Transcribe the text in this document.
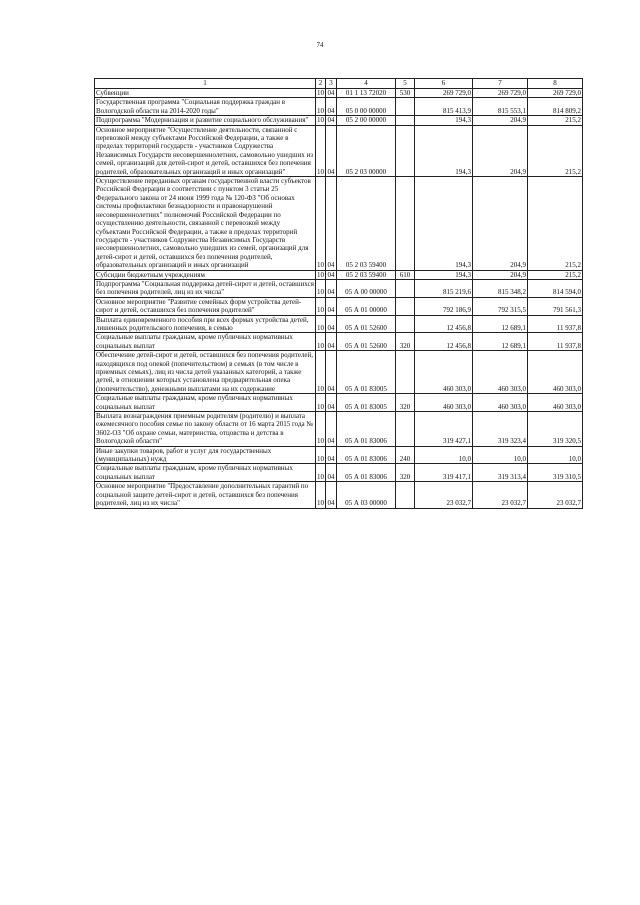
74
1	2	3	4	5	6	7	8
Субвенции	10	04	01 1 13 72020	530	269 729,0	269 729,0	269 729,0
Государственная программа "Социальная поддержка граждан в Вологодской области на 2014-2020 годы"	10	04	05 0 00 00000		815 413,9	815 553,1	814 809,2
Подпрограмма "Модернизация и развитие социального обслуживания"	10	04	05 2 00 00000		194,3	204,9	215,2
Основное мероприятие "Осуществление деятельности, связанной с перевозкой между субъектами Российской Федерации, а также в пределах территорий государств - участников Содружества Независимых Государств несовершеннолетних, самовольно ушедших из семей, организаций для детей-сирот и детей, оставшихся без попечения родителей, образовательных организаций и иных организаций"	10	04	05 2 03 00000		194,3	204,9	215,2
Осуществление переданных органам государственной власти субъектов Российской Федерации в соответствии с пунктом 3 статьи 25 Федерального закона от 24 июня 1999 года № 120-ФЗ "Об основах системы профилактики безнадзорности и правонарушений несовершеннолетних" полномочий Российской Федерации по осуществлению деятельности, связанной с перевозкой между субъектами Российской Федерации, а также в пределах территорий государств - участников Содружества Независимых Государств несовершеннолетних, самовольно ушедших из семей, организаций для детей-сирот и детей, оставшихся без попечения родителей, образовательных организаций и иных организаций	10	04	05 2 03 59400		194,3	204,9	215,2
Субсидии бюджетным учреждениям	10	04	05 2 03 59400	610	194,3	204,9	215,2
Подпрограмма "Социальная поддержка детей-сирот и детей, оставшихся без попечения родителей, лиц из их числа"	10	04	05 А 00 00000		815 219,6	815 348,2	814 594,0
Основное мероприятие "Развитие семейных форм устройства детей-сирот и детей, оставшихся без попечения родителей"	10	04	05 А 01 00000		792 186,9	792 315,5	791 561,3
Выплата единовременного пособия при всех формах устройства детей, лишенных родительского попечения, в семью	10	04	05 А 01 52600		12 456,8	12 689,1	11 937,8
Социальные выплаты гражданам, кроме публичных нормативных социальных выплат	10	04	05 А 01 52600	320	12 456,8	12 689,1	11 937,8
Обеспечение детей-сирот и детей, оставшихся без попечения родителей, находящихся под опекой (попечительством) в семьях (в том числе в приемных семьях), лиц из числа детей указанных категорий, а также детей, в отношении которых установлена предварительная опека (попечительство), денежными выплатами на их содержание	10	04	05 А 01 83005		460 303,0	460 303,0	460 303,0
Социальные выплаты гражданам, кроме публичных нормативных социальных выплат	10	04	05 А 01 83005	320	460 303,0	460 303,0	460 303,0
Выплата вознаграждения приемным родителям (родителю) и выплата ежемесячного пособия семье по закону области от 16 марта 2015 года № 3602-ОЗ "Об охране семьи, материнства, отцовства и детства в Вологодской области"	10	04	05 А 01 83006		319 427,1	319 323,4	319 320,5
Иные закупки товаров, работ и услуг для государственных (муниципальных) нужд	10	04	05 А 01 83006	240	10,0	10,0	10,0
Социальные выплаты гражданам, кроме публичных нормативных социальных выплат	10	04	05 А 01 83006	320	319 417,1	319 313,4	319 310,5
Основное мероприятие "Предоставление дополнительных гарантий по социальной защите детей-сирот и детей, оставшихся без попечения родителей, лиц из их числа"	10	04	05 А 03 00000		23 032,7	23 032,7	23 032,7
